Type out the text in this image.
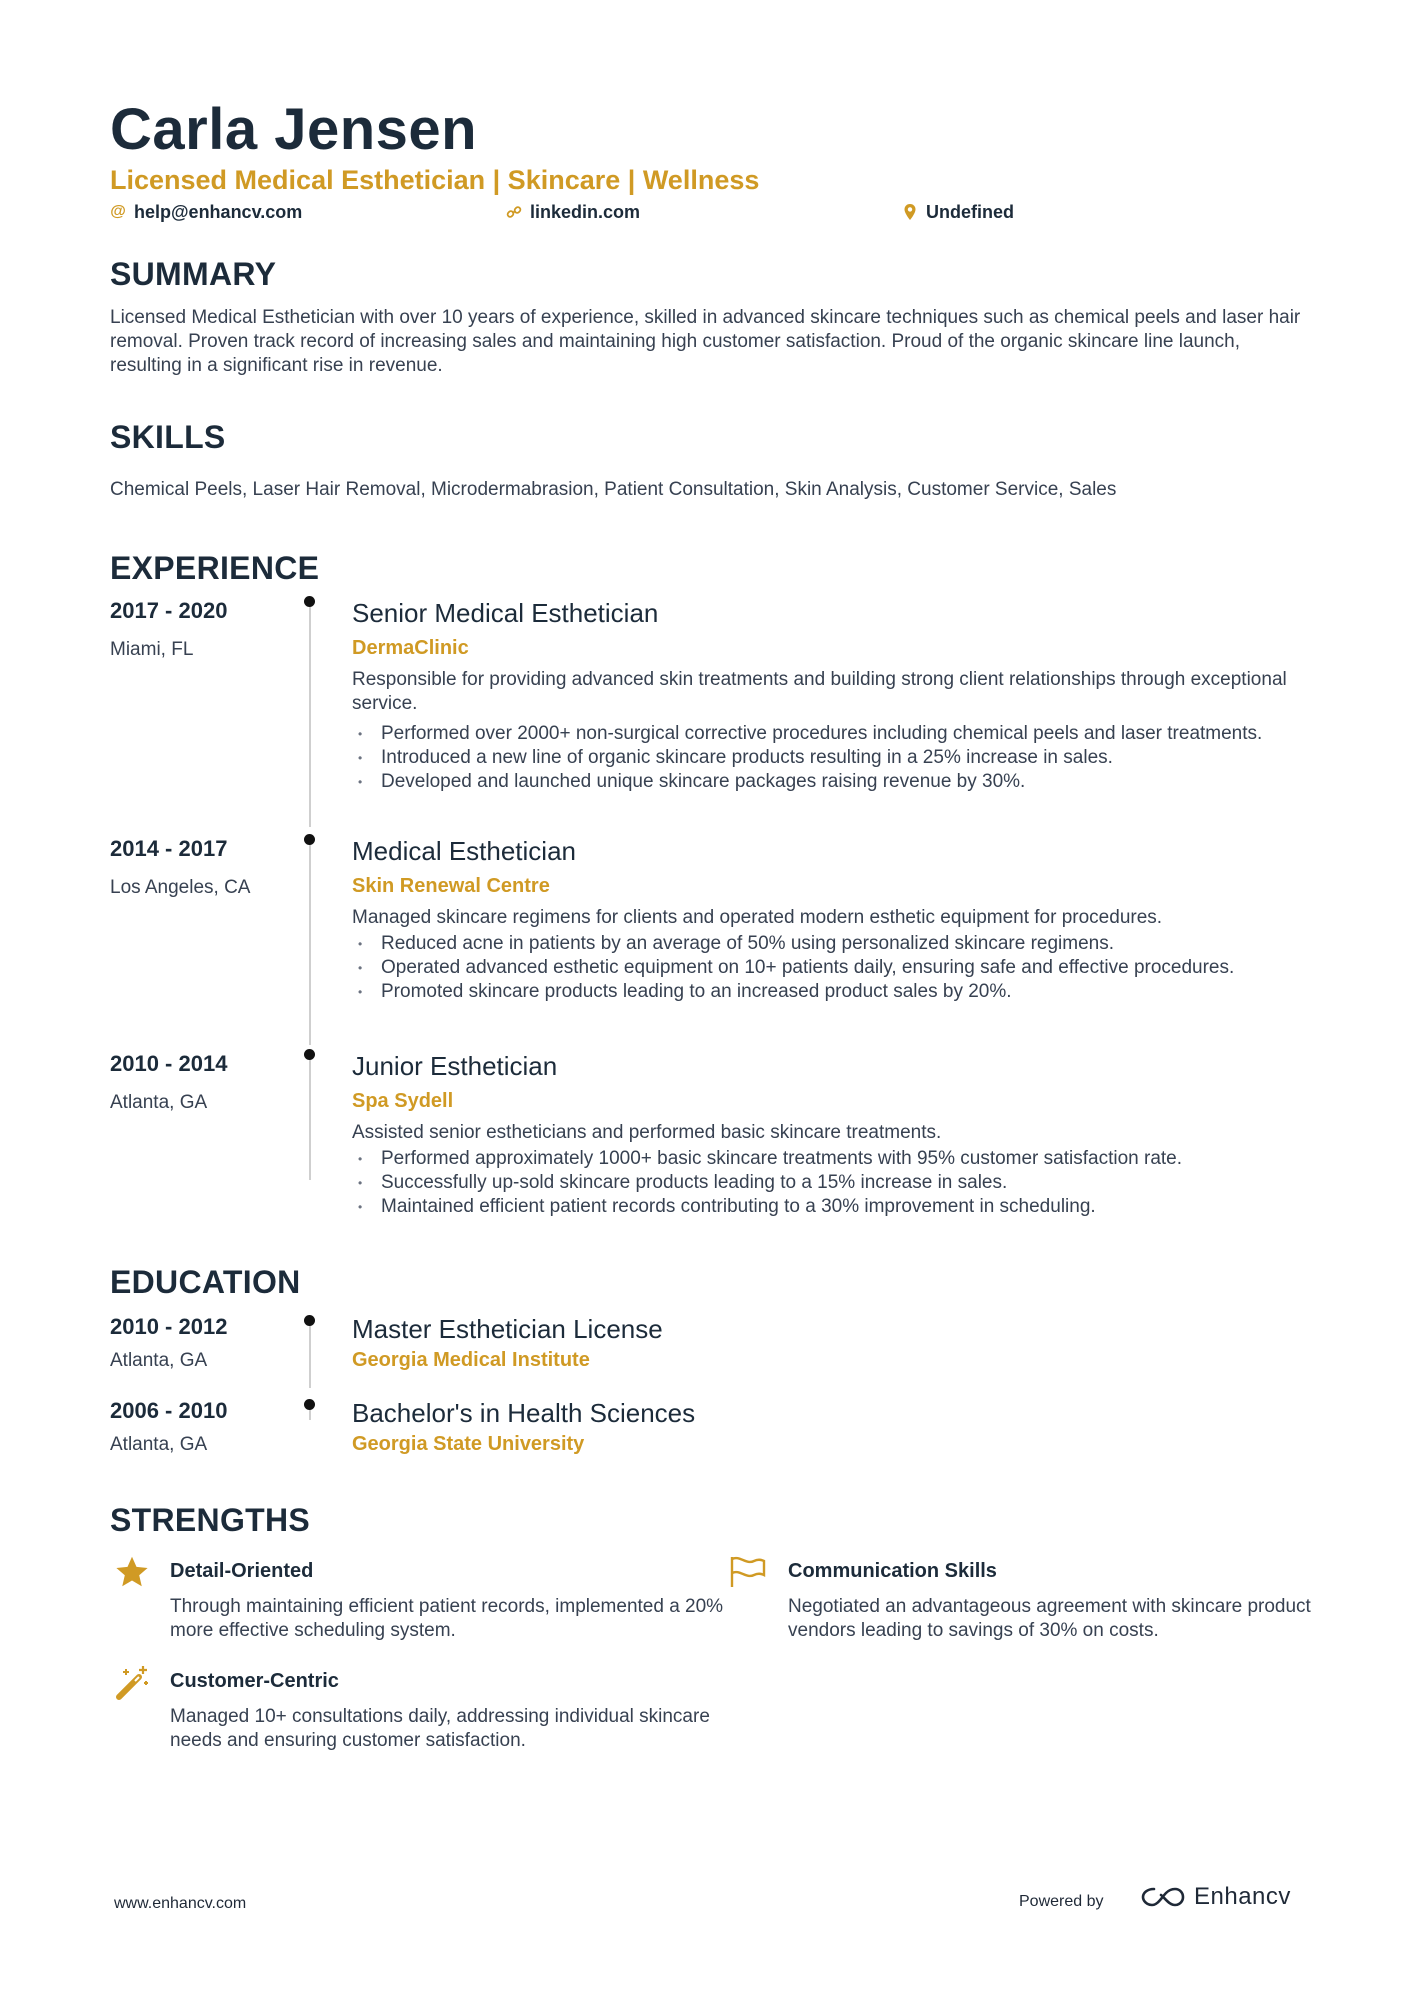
Carla Jensen
Licensed Medical Esthetician | Skincare | Wellness
@ help@enhancv.com	linkedin.com	Undefined
SUMMARY
Licensed Medical Esthetician with over 10 years of experience, skilled in advanced skincare techniques such as chemical peels and laser hair removal. Proven track record of increasing sales and maintaining high customer satisfaction. Proud of the organic skincare line launch, resulting in a significant rise in revenue.
SKILLS
Chemical Peels, Laser Hair Removal, Microdermabrasion, Patient Consultation, Skin Analysis, Customer Service, Sales
EXPERIENCE
2017 - 2020
Miami, FL
Senior Medical Esthetician
DermaClinic
Responsible for providing advanced skin treatments and building strong client relationships through exceptional service.
• Performed over 2000+ non-surgical corrective procedures including chemical peels and laser treatments.
• Introduced a new line of organic skincare products resulting in a 25% increase in sales.
• Developed and launched unique skincare packages raising revenue by 30%.
2014 - 2017
Los Angeles, CA
Medical Esthetician
Skin Renewal Centre
Managed skincare regimens for clients and operated modern esthetic equipment for procedures.
• Reduced acne in patients by an average of 50% using personalized skincare regimens.
• Operated advanced esthetic equipment on 10+ patients daily, ensuring safe and effective procedures.
• Promoted skincare products leading to an increased product sales by 20%.
2010 - 2014
Atlanta, GA
Junior Esthetician
Spa Sydell
Assisted senior estheticians and performed basic skincare treatments.
• Performed approximately 1000+ basic skincare treatments with 95% customer satisfaction rate.
• Successfully up-sold skincare products leading to a 15% increase in sales.
• Maintained efficient patient records contributing to a 30% improvement in scheduling.
EDUCATION
2010 - 2012
Atlanta, GA
Master Esthetician License
Georgia Medical Institute
2006 - 2010
Atlanta, GA
Bachelor's in Health Sciences
Georgia State University
STRENGTHS
Detail-Oriented
Through maintaining efficient patient records, implemented a 20% more effective scheduling system.
Communication Skills
Negotiated an advantageous agreement with skincare product vendors leading to savings of 30% on costs.
Customer-Centric
Managed 10+ consultations daily, addressing individual skincare needs and ensuring customer satisfaction.
www.enhancv.com	Powered by	Enhancv
